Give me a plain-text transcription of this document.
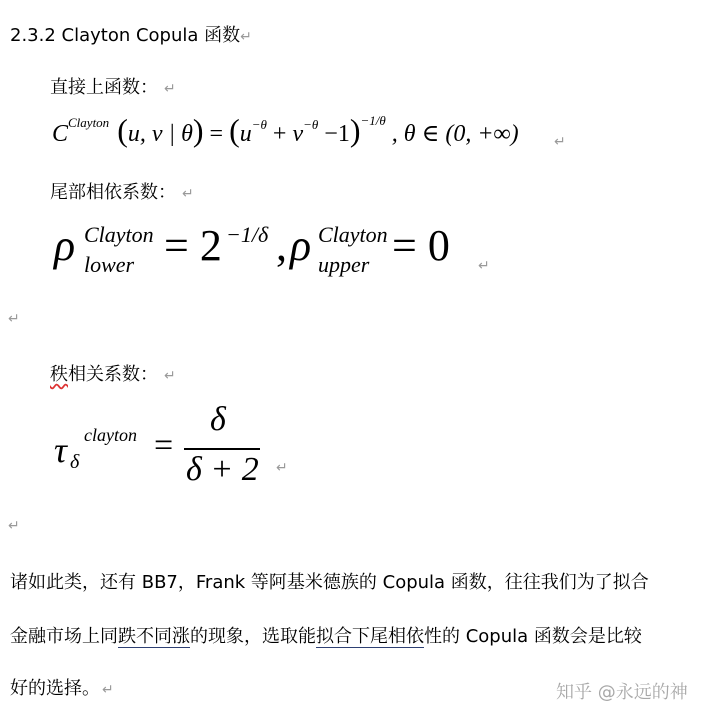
2.3.2 Clayton Copula 函数↵
直接上函数： ↵
$C^{Clayton}$ (u, v | $\theta) = (u^{-\theta} + v^{-\theta} -1)^{-1/\theta}$ , θ ∈ (0, +∞)	↵
尾部相依系数： ↵
ρ Clayton
lower = 2 −1/δ , ρ Clayton
upper = 0 ↵
↵
秩相关系数： ↵
τ δ
clayton =
δ
δ + 2 ↵
↵
诸如此类，还有 BB7，Frank 等阿基米德族的 Copula 函数，往往我们为了拟合
金融市场上同跌不同涨的现象，选取能拟合下尾相依性的 Copula 函数会是比较
好的选择。 ↵	知乎 @永远的神
